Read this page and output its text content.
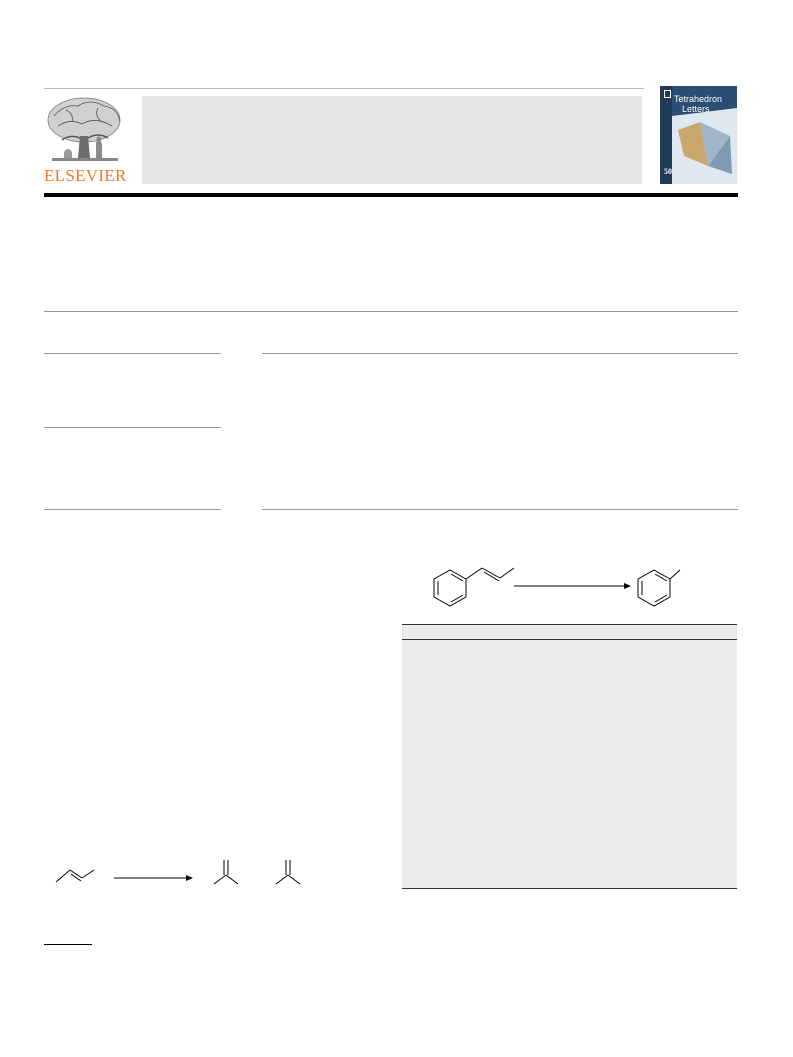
ELSEVIER
Tetrahedron
Letters
50
